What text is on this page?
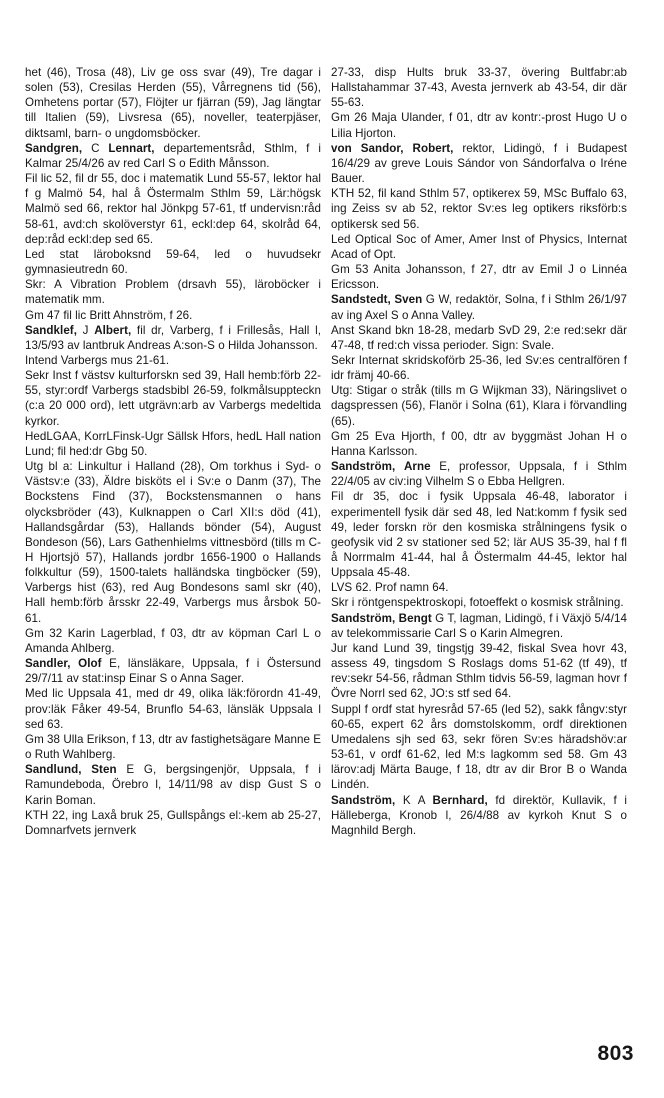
het (46), Trosa (48), Liv ge oss svar (49), Tre dagar i solen (53), Cresilas Herden (55), Vårregnens tid (56), Omhetens portar (57), Flöjter ur fjärran (59), Jag längtar till Italien (59), Livsresa (65), noveller, teaterpjäser, diktsaml, barn- o ungdomsböcker.

Sandgren, C Lennart, departementsråd, Sthlm, f i Kalmar 25/4/26 av red Carl S o Edith Månsson.

Fil lic 52, fil dr 55, doc i matematik Lund 55-57, lektor hal f g Malmö 54, hal å Östermalm Sthlm 59, Lär:högsk Malmö sed 66, rektor hal Jönkpg 57-61, tf undervisn:råd 58-61, avd:ch skolöverstyr 61, eckl:dep 64, skolråd 64, dep:råd eckl:dep sed 65.

Led stat läroboksnd 59-64, led o huvudsekr gymnasieutredn 60.

Skr: A Vibration Problem (drsavh 55), läroböcker i matematik mm.

Gm 47 fil lic Britt Ahnström, f 26.

Sandklef, J Albert, fil dr, Varberg, f i Frillesås, Hall l, 13/5/93 av lantbruk Andreas A:son-S o Hilda Johansson.

Intend Varbergs mus 21-61.

Sekr Inst f västsv kulturforskn sed 39, Hall hemb:förb 22-55, styr:ordf Varbergs stadsbibl 26-59, folkmålsuppteckn (c:a 20 000 ord), lett utgrävn:arb av Varbergs medeltida kyrkor.

HedLGAA, KorrLFinsk-Ugr Sällsk Hfors, hedL Hall nation Lund; fil hed:dr Gbg 50.

Utg bl a: Linkultur i Halland (28), Om torkhus i Syd- o Västsv:e (33), Äldre bisköts el i Sv:e o Danm (37), The Bockstens Find (37), Bockstensmannen o hans olycksbröder (43), Kulknappen o Carl XII:s död (41), Hallandsgårdar (53), Hallands bönder (54), August Bondeson (56), Lars Gathenhielms vittnesbörd (tills m C-H Hjortsjö 57), Hallands jordbr 1656-1900 o Hallands folkkultur (59), 1500-talets halländska tingböcker (59), Varbergs hist (63), red Aug Bondesons saml skr (40), Hall hemb:förb årsskr 22-49, Varbergs mus årsbok 50-61.

Gm 32 Karin Lagerblad, f 03, dtr av köpman Carl L o Amanda Ahlberg.

Sandler, Olof E, länsläkare, Uppsala, f i Östersund 29/7/11 av stat:insp Einar S o Anna Sager.

Med lic Uppsala 41, med dr 49, olika läk:förordn 41-49, prov:läk Fåker 49-54, Brunflo 54-63, länsläk Uppsala l sed 63.

Gm 38 Ulla Erikson, f 13, dtr av fastighetsägare Manne E o Ruth Wahlberg.

Sandlund, Sten E G, bergsingenjör, Uppsala, f i Ramundeboda, Örebro l, 14/11/98 av disp Gust S o Karin Boman.

KTH 22, ing Laxå bruk 25, Gullspångs el:-kem ab 25-27, Domnarfvets jernverk

27-33, disp Hults bruk 33-37, övering Bultfabr:ab Hallstahammar 37-43, Avesta jernverk ab 43-54, dir där 55-63.

Gm 26 Maja Ulander, f 01, dtr av kontr:-prost Hugo U o Lilia Hjorton.

von Sandor, Robert, rektor, Lidingö, f i Budapest 16/4/29 av greve Louis Sándor von Sándorfalva o Iréne Bauer.

KTH 52, fil kand Sthlm 57, optikerex 59, MSc Buffalo 63, ing Zeiss sv ab 52, rektor Sv:es leg optikers riksförb:s optikersk sed 56.

Led Optical Soc of Amer, Amer Inst of Physics, Internat Acad of Opt.

Gm 53 Anita Johansson, f 27, dtr av Emil J o Linnéa Ericsson.

Sandstedt, Sven G W, redaktör, Solna, f i Sthlm 26/1/97 av ing Axel S o Anna Valley.

Anst Skand bkn 18-28, medarb SvD 29, 2:e red:sekr där 47-48, tf red:ch vissa perioder. Sign: Svale.

Sekr Internat skridskoförb 25-36, led Sv:es centralfören f idr främj 40-66.

Utg: Stigar o stråk (tills m G Wijkman 33), Näringslivet o dagspressen (56), Flanör i Solna (61), Klara i förvandling (65).

Gm 25 Eva Hjorth, f 00, dtr av byggmäst Johan H o Hanna Karlsson.

Sandström, Arne E, professor, Uppsala, f i Sthlm 22/4/05 av civ:ing Vilhelm S o Ebba Hellgren.

Fil dr 35, doc i fysik Uppsala 46-48, laborator i experimentell fysik där sed 48, led Nat:komm f fysik sed 49, leder forskn rör den kosmiska strålningens fysik o geofysik vid 2 sv stationer sed 52; lär AUS 35-39, hal f fl å Norrmalm 41-44, hal å Östermalm 44-45, lektor hal Uppsala 45-48.

LVS 62. Prof namn 64.

Skr i röntgenspektroskopi, fotoeffekt o kosmisk strålning.

Sandström, Bengt G T, lagman, Lidingö, f i Växjö 5/4/14 av telekommissarie Carl S o Karin Almegren.

Jur kand Lund 39, tingstjg 39-42, fiskal Svea hovr 43, assess 49, tingsdom S Roslags doms 51-62 (tf 49), tf rev:sekr 54-56, rådman Sthlm tidvis 56-59, lagman hovr f Övre Norrl sed 62, JO:s stf sed 64.

Suppl f ordf stat hyresråd 57-65 (led 52), sakk fångv:styr 60-65, expert 62 års domstolskomm, ordf direktionen Umedalens sjh sed 63, sekr fören Sv:es häradshöv:ar 53-61, v ordf 61-62, led M:s lagkomm sed 58. Gm 43 lärov:adj Märta Bauge, f 18, dtr av dir Bror B o Wanda Lindén.

Sandström, K A Bernhard, fd direktör, Kullavik, f i Hälleberga, Kronob l, 26/4/88 av kyrkoh Knut S o Magnhild Bergh.

803
